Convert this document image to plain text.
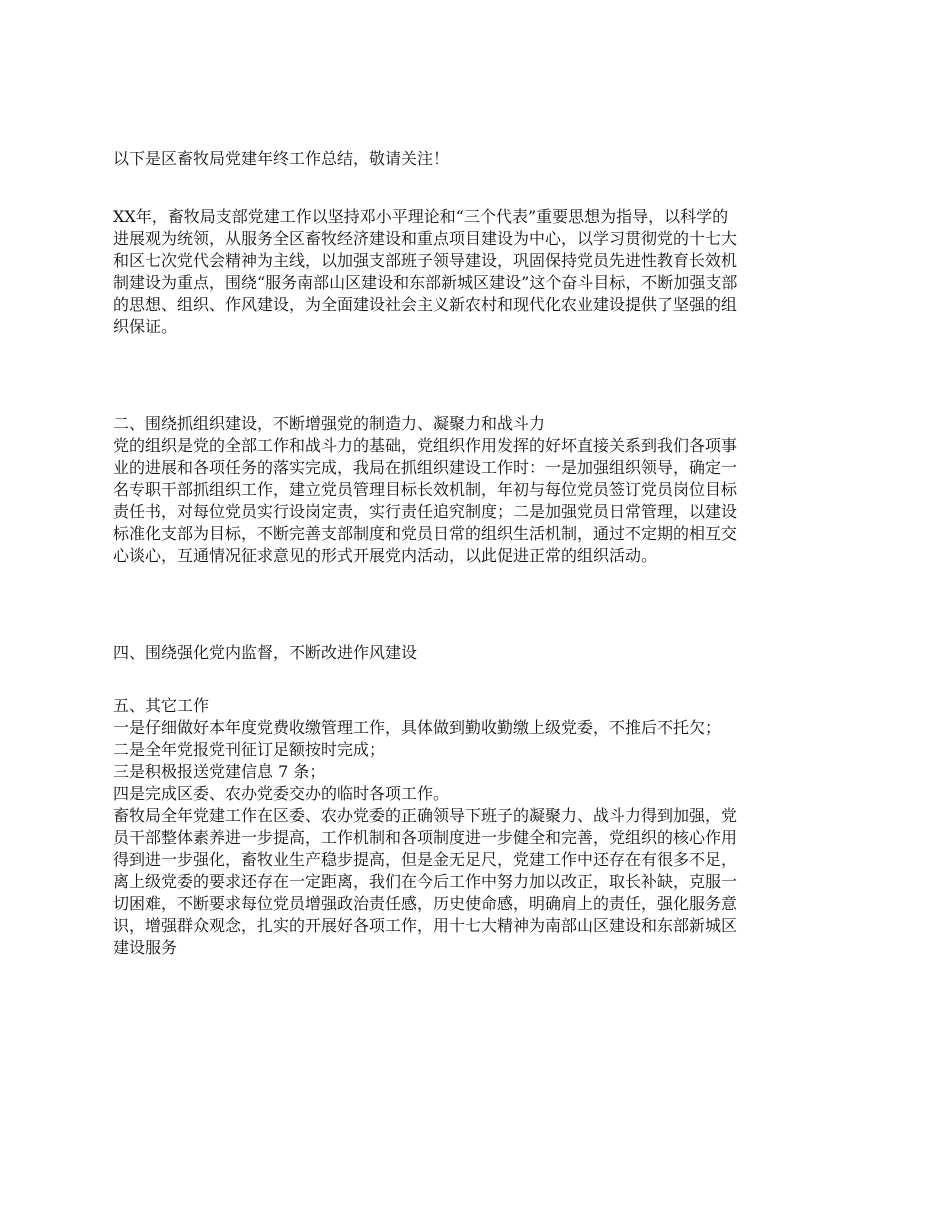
以下是区畜牧局党建年终工作总结，敬请关注！

XX年，畜牧局支部党建工作以坚持邓小平理论和“三个代表”重要思想为指导，以科学的

进展观为统领，从服务全区畜牧经济建设和重点项目建设为中心，以学习贯彻党的十七大

和区七次党代会精神为主线，以加强支部班子领导建设，巩固保持党员先进性教育长效机

制建设为重点，围绕“服务南部山区建设和东部新城区建设”这个奋斗目标，不断加强支部

的思想、组织、作风建设，为全面建设社会主义新农村和现代化农业建设提供了坚强的组

织保证。

二、围绕抓组织建设，不断增强党的制造力、凝聚力和战斗力

党的组织是党的全部工作和战斗力的基础，党组织作用发挥的好坏直接关系到我们各项事

业的进展和各项任务的落实完成，我局在抓组织建设工作时：一是加强组织领导，确定一

名专职干部抓组织工作，建立党员管理目标长效机制，年初与每位党员签订党员岗位目标

责任书，对每位党员实行设岗定责，实行责任追究制度；二是加强党员日常管理，以建设

标准化支部为目标，不断完善支部制度和党员日常的组织生活机制，通过不定期的相互交

心谈心，互通情况征求意见的形式开展党内活动，以此促进正常的组织活动。

四、围绕强化党内监督，不断改进作风建设

五、其它工作

一是仔细做好本年度党费收缴管理工作，具体做到勤收勤缴上级党委，不推后不托欠；

二是全年党报党刊征订足额按时完成；

三是积极报送党建信息 7 条；

四是完成区委、农办党委交办的临时各项工作。

畜牧局全年党建工作在区委、农办党委的正确领导下班子的凝聚力、战斗力得到加强，党

员干部整体素养进一步提高，工作机制和各项制度进一步健全和完善，党组织的核心作用

得到进一步强化，畜牧业生产稳步提高，但是金无足尺，党建工作中还存在有很多不足，

离上级党委的要求还存在一定距离，我们在今后工作中努力加以改正，取长补缺，克服一

切困难，不断要求每位党员增强政治责任感，历史使命感，明确肩上的责任，强化服务意

识，增强群众观念，扎实的开展好各项工作，用十七大精神为南部山区建设和东部新城区

建设服务
